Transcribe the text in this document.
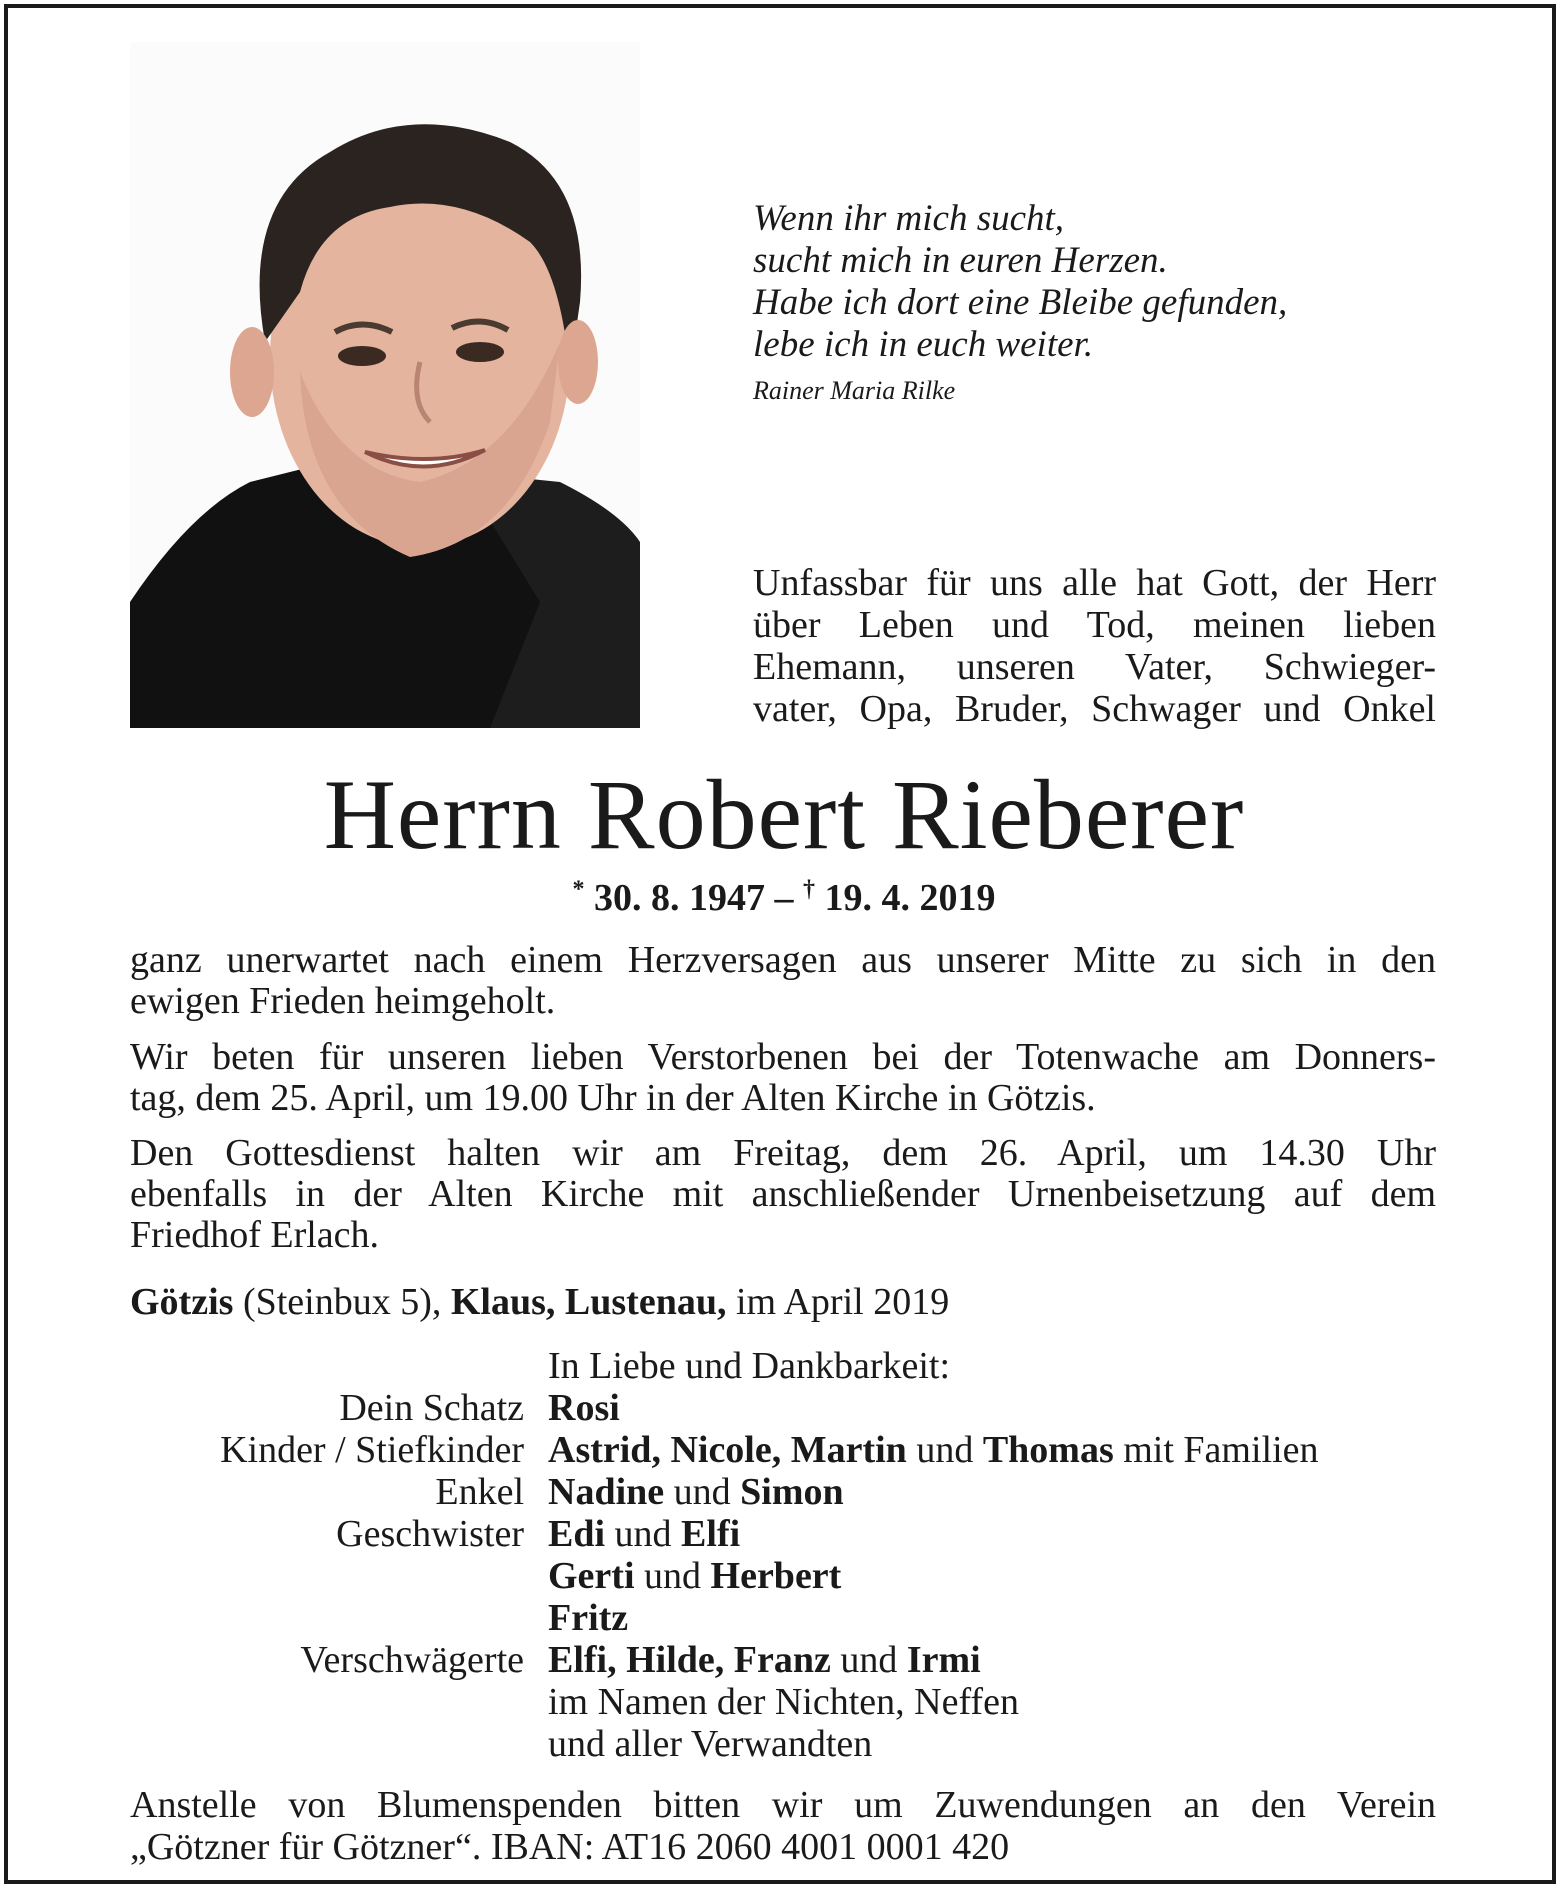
Wenn ihr mich sucht,
sucht mich in euren Herzen.
Habe ich dort eine Bleibe gefunden,
lebe ich in euch weiter.
Rainer Maria Rilke
Unfassbar für uns alle hat Gott, der Herr
über Leben und Tod, meinen lieben
Ehemann, unseren Vater, Schwieger-
vater, Opa, Bruder, Schwager und Onkel
Herrn Robert Rieberer
* 30. 8. 1947 – † 19. 4. 2019
ganz unerwartet nach einem Herzversagen aus unserer Mitte zu sich in den
ewigen Frieden heimgeholt.
Wir beten für unseren lieben Verstorbenen bei der Totenwache am Donners-
tag, dem 25. April, um 19.00 Uhr in der Alten Kirche in Götzis.
Den Gottesdienst halten wir am Freitag, dem 26. April, um 14.30 Uhr
ebenfalls in der Alten Kirche mit anschließender Urnenbeisetzung auf dem
Friedhof Erlach.
Götzis (Steinbux 5), Klaus, Lustenau, im April 2019
In Liebe und Dankbarkeit:
Dein Schatz Rosi
Kinder / Stiefkinder Astrid, Nicole, Martin und Thomas mit Familien
Enkel Nadine und Simon
Geschwister Edi und Elfi
Gerti und Herbert
Fritz
Verschwägerte Elfi, Hilde, Franz und Irmi
im Namen der Nichten, Neffen
und aller Verwandten
Anstelle von Blumenspenden bitten wir um Zuwendungen an den Verein
„Götzner für Götzner“. IBAN: AT16 2060 4001 0001 420
